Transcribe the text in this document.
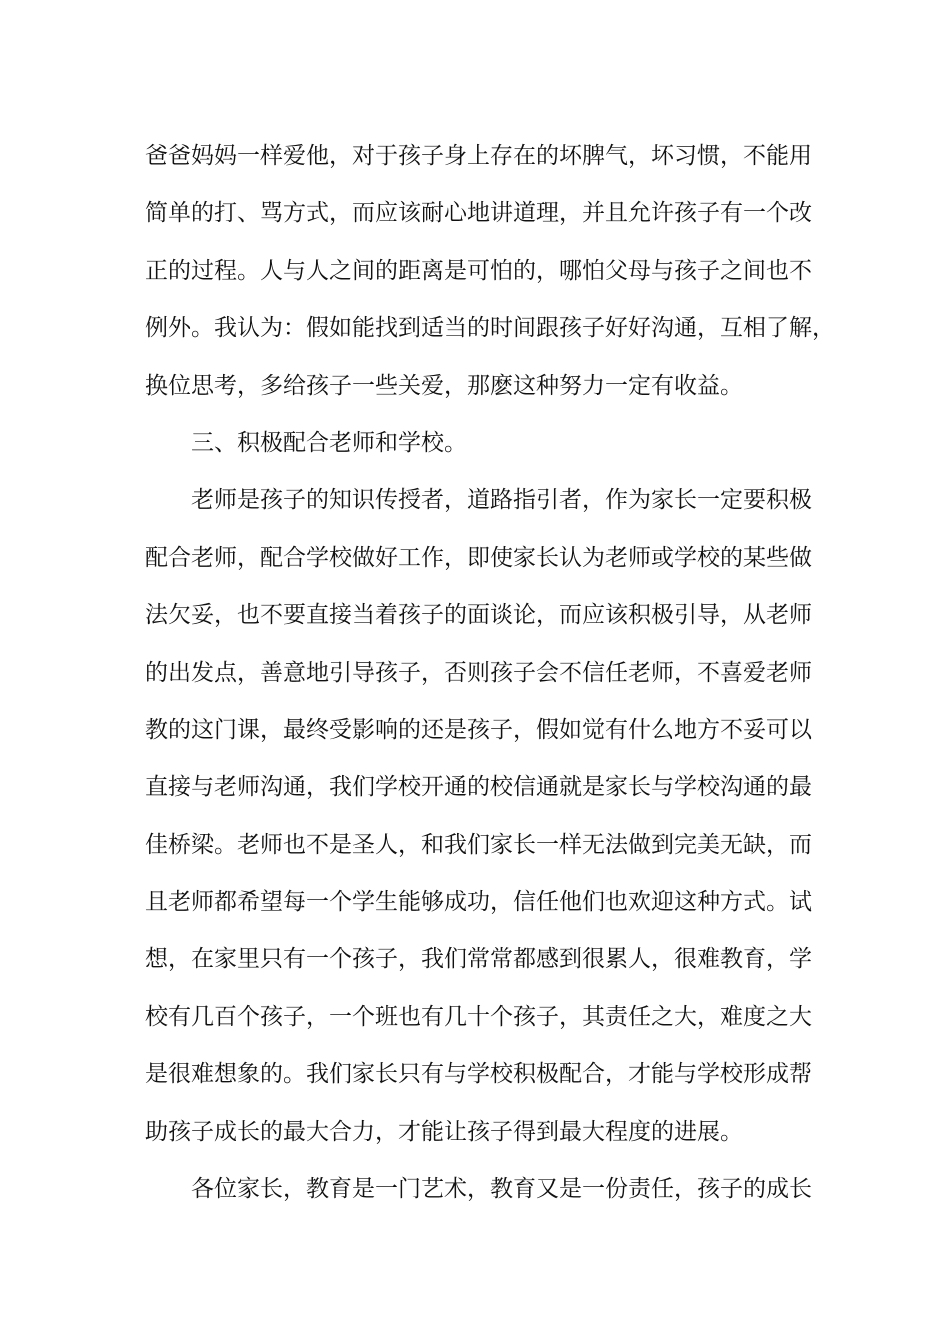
爸爸妈妈一样爱他，对于孩子身上存在的坏脾气，坏习惯，不能用
简单的打、骂方式，而应该耐心地讲道理，并且允许孩子有一个改
正的过程。人与人之间的距离是可怕的，哪怕父母与孩子之间也不
例外。我认为：假如能找到适当的时间跟孩子好好沟通，互相了解，
换位思考，多给孩子一些关爱，那麽这种努力一定有收益。
三、积极配合老师和学校。
老师是孩子的知识传授者，道路指引者，作为家长一定要积极
配合老师，配合学校做好工作，即使家长认为老师或学校的某些做
法欠妥，也不要直接当着孩子的面谈论，而应该积极引导，从老师
的出发点，善意地引导孩子，否则孩子会不信任老师，不喜爱老师
教的这门课，最终受影响的还是孩子，假如觉有什么地方不妥可以
直接与老师沟通，我们学校开通的校信通就是家长与学校沟通的最
佳桥梁。老师也不是圣人，和我们家长一样无法做到完美无缺，而
且老师都希望每一个学生能够成功，信任他们也欢迎这种方式。试
想，在家里只有一个孩子，我们常常都感到很累人，很难教育，学
校有几百个孩子，一个班也有几十个孩子，其责任之大，难度之大
是很难想象的。我们家长只有与学校积极配合，才能与学校形成帮
助孩子成长的最大合力，才能让孩子得到最大程度的进展。
各位家长，教育是一门艺术，教育又是一份责任，孩子的成长
